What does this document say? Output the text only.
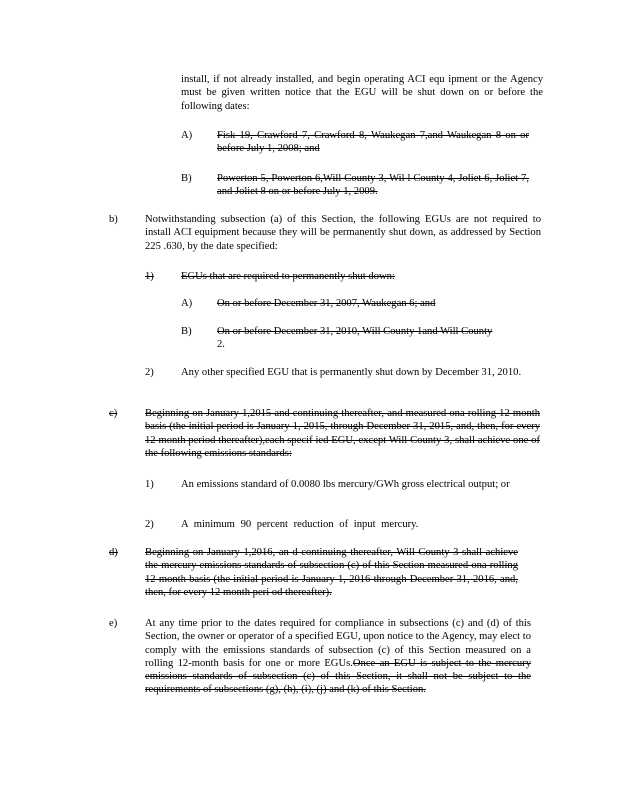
install, if not already installed, and begin operating ACI equ ipment or the Agency must be given written notice that the EGU will be shut down on or before the following dates:
A) Fisk 19, Crawford 7, Crawford 8, Waukegan 7,and Waukegan 8 on or before July 1, 2008; and
B) Powerton 5, Powerton 6,Will County 3, Wil l County 4, Joliet 6, Joliet 7, and Joliet 8 on or before July 1, 2009.
b)	Notwithstanding subsection (a) of this Section, the following EGUs are not required to install ACI equipment because they will be permanently shut down, as addressed by Section 225 .630, by the date specified:
1)	EGUs that are required to permanently shut down:
A) On or before December 31, 2007, Waukegan 6; and
B) On or before December 31, 2010, Will County 1and Will County
2.
2)	Any other specified EGU that is permanently shut down by December 31, 2010.
c)	Beginning on January 1,2015 and continuing thereafter, and measured ona rolling 12 month basis (the initial period is January 1, 2015, through December 31, 2015, and, then, for every 12 month period thereafter),each specif ied EGU, except Will County 3, shall achieve one of the following emissions standards:
1)	An emissions standard of 0.0080 lbs mercury/GWh gross electrical output; or
2)	A minimum 90 percent reduction of input mercury.
d)	Beginning on January 1,2016, an d continuing thereafter, Will County 3 shall achieve the mercury emissions standards of subsection (c) of this Section measured ona rolling 12 month basis (the initial period is January 1, 2016 through December 31, 2016, and, then, for every 12 month peri od thereafter).
e)	At any time prior to the dates required for compliance in subsections (c) and (d) of this Section, the owner or operator of a specified EGU, upon notice to the Agency, may elect to comply with the emissions standards of subsection (c) of this Section measured on a rolling 12-month basis for one or more EGUs.Once an EGU is subject to the mercury emissions standards of subsection (c) of this Section, it shall not be subject to the requirements of subsections (g), (h), (i), (j) and (k) of this Section.
